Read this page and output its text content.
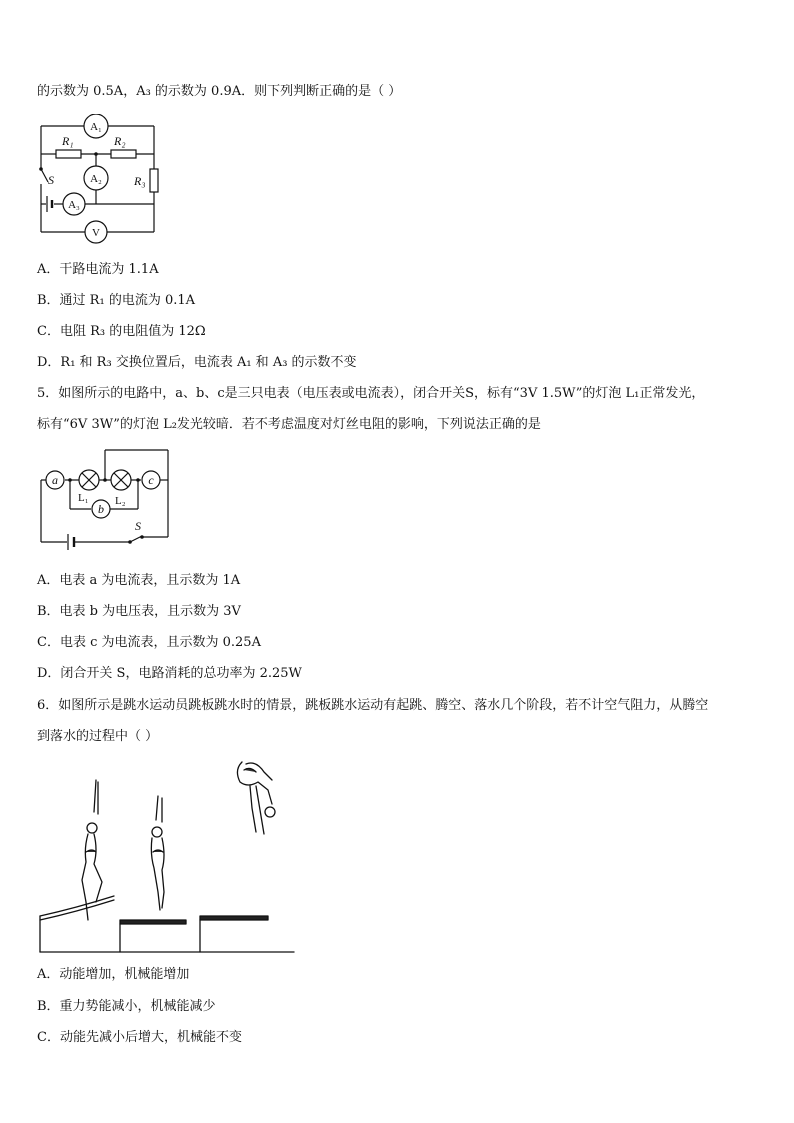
的示数为 0.5A，A₃ 的示数为 0.9A．则下列判断正确的是（ ）
A₁
A₂
A₃
V
R₁	R₂
R₃
S
A．干路电流为 1.1A
B．通过 R₁ 的电流为 0.1A
C．电阻 R₃ 的电阻值为 12Ω
D．R₁ 和 R₃ 交换位置后，电流表 A₁ 和 A₃ 的示数不变
5．如图所示的电路中，a、b、c是三只电表（电压表或电流表），闭合开关S，标有“3V 1.5W”的灯泡 L₁正常发光，
标有“6V 3W”的灯泡 L₂发光较暗．若不考虑温度对灯丝电阻的影响，下列说法正确的是
a	c
b
S
L₁ L₂
A．电表 a 为电流表，且示数为 1A
B．电表 b 为电压表，且示数为 3V
C．电表 c 为电流表，且示数为 0.25A
D．闭合开关 S，电路消耗的总功率为 2.25W
6．如图所示是跳水运动员跳板跳水时的情景，跳板跳水运动有起跳、腾空、落水几个阶段，若不计空气阻力，从腾空
到落水的过程中（ ）
A．动能增加，机械能增加
B．重力势能减小，机械能减少
C．动能先减小后增大，机械能不变
